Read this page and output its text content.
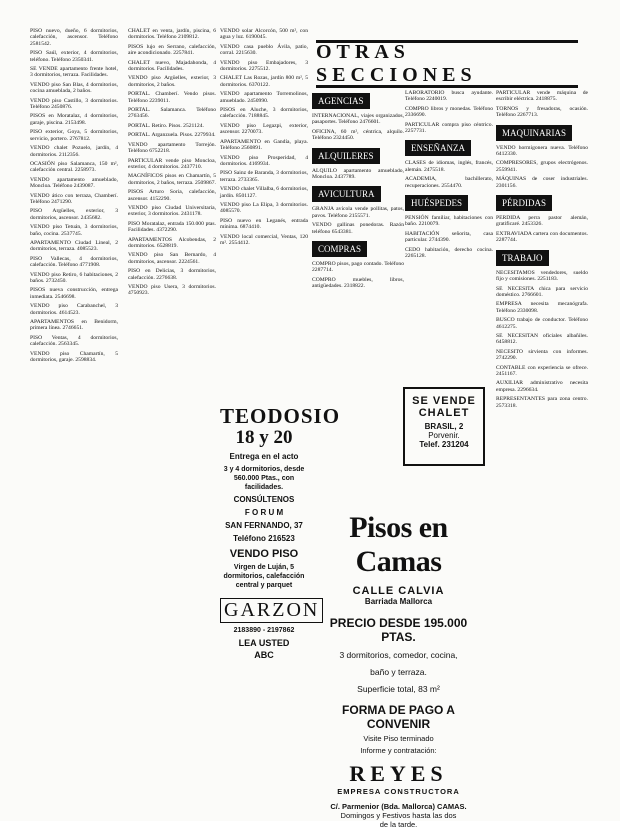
PISO nuevo, dueño, 6 dormitorios, calefacción, ascensor. Teléfono 2581542.
PISO Saúl, exterior, 4 dormitorios, teléfono. Teléfono 2350341.
SE VENDE apartamento frente hotel, 3 dormitorios, terraza. Facilidades.
VENDO piso San Blas, 4 dormitorios, cocina amueblada, 2 baños.
VENDO piso Castillo, 3 dormitorios. Teléfono 2450876.
PISOS en Moratalaz, 4 dormitorios, garaje, piscina. 2153498.
PISO exterior, Goya, 5 dormitorios, servicio, portero. 2767812.
VENDO chalet Pozuelo, jardín, 4 dormitorios. 2112356.
OCASIÓN piso Salamanca, 150 m², calefacción central. 2258973.
VENDO apartamento amueblado, Moncloa. Teléfono 2439087.
VENDO ático con terraza, Chamberí. Teléfono 2471290.
PISO Argüelles, exterior, 3 dormitorios, ascensor. 2435682.
VENDO piso Tetuán, 3 dormitorios, baño, cocina. 2537745.
APARTAMENTO Ciudad Lineal, 2 dormitorios, terraza. 4085523.
PISO Vallecas, 4 dormitorios, calefacción. Teléfono 4771908.
VENDO piso Retiro, 6 habitaciones, 2 baños. 2732450.
PISOS nueva construcción, entrega inmediata. 2546698.
VENDO piso Carabanchel, 3 dormitorios. 4614523.
APARTAMENTOS en Benidorm, primera línea. 2746651.
PISO Ventas, 4 dormitorios, calefacción. 2563345.
VENDO piso Chamartín, 5 dormitorios, garaje. 2598834.
CHALET en venta, jardín, piscina, 6 dormitorios. Teléfono 2109812.
PISOS lujo en Serrano, calefacción, aire acondicionado. 2257841.
CHALET nuevo, Majadahonda, 4 dormitorios. Facilidades.
VENDO piso Argüelles, exterior, 3 dormitorios, 2 baños.
PORTAL. Chamberí. Vendo pisos. Teléfono 2239011.
PORTAL. Salamanca. Teléfono 2763456.
PORTAL. Retiro. Pisos. 2521124.
PORTAL. Arganzuela. Pisos. 2279934.
VENDO apartamento Torrejón. Teléfono 6752218.
PARTICULAR vende piso Moncloa, exterior, 4 dormitorios. 2437710.
MAGNÍFICOS pisos en Chamartín, 5 dormitorios, 2 baños, terraza. 2509867.
PISOS Arturo Soria, calefacción, ascensor. 4152290.
VENDO piso Ciudad Universitaria, exterior, 3 dormitorios. 2431178.
PISO Moratalaz, entrada 150.000 ptas. Facilidades. 4372290.
APARTAMENTOS Alcobendas, 2 dormitorios. 6528819.
VENDO piso San Bernardo, 4 dormitorios, ascensor. 2224561.
PISO en Delicias, 3 dormitorios, calefacción. 2276638.
VENDO piso Usera, 3 dormitorios. 4750923.
VENDO solar Alcorcón, 500 m², con agua y luz. 6190045.
VENDO casa pueblo Ávila, patio, corral. 2215630.
VENDO piso Embajadores, 3 dormitorios. 2275512.
CHALET Las Rozas, jardín 800 m², 5 dormitorios. 6370122.
VENDO apartamento Torremolinos, amueblado. 2450990.
PISOS en Aluche, 3 dormitorios, calefacción. 7188845.
VENDO piso Legazpi, exterior, ascensor. 2270073.
APARTAMENTO en Gandía, playa. Teléfono 2560891.
VENDO piso Prosperidad, 4 dormitorios. 4169934.
PISO Sainz de Baranda, 3 dormitorios, terraza. 2733365.
VENDO chalet Villalba, 6 dormitorios, jardín. 8501127.
VENDO piso La Elipa, 3 dormitorios. 4085570.
PISO nuevo en Leganés, entrada mínima. 6874410.
VENDO local comercial, Ventas, 120 m². 2554412.
OTRAS SECCIONES
AGENCIAS
INTERNACIONAL, viajes organizados, pasaportes. Teléfono 2476601.
OFICINA, 60 m², céntrica, alquilo. Teléfono 2324450.
ALQUILERES
ALQUILO apartamento amueblado, Moncloa. 2437789.
AVICULTURA
GRANJA avícola vende pollitas, patos, pavos. Teléfono 2155571.
VENDO gallinas ponedoras. Razón teléfono 6543381.
COMPRAS
COMPRO pisos, pago contado. Teléfono 2287714.
COMPRO muebles, libros, antigüedades. 2318822.
LABORATORIO busca ayudante. Teléfono 2240019.
COMPRO libros y monedas. Teléfono 2336690.
PARTICULAR compra piso céntrico. 2257731.
ENSEÑANZA
CLASES de idiomas, inglés, francés, alemán. 2475518.
ACADEMIA, bachillerato, recuperaciones. 2554470.
HUÉSPEDES
PENSIÓN familiar, habitaciones con baño. 2210079.
HABITACIÓN señorita, casa particular. 2744390.
CEDO habitación, derecho cocina. 2265128.
PARTICULAR vende máquina de escribir eléctrica. 2418875.
TORNOS y fresadoras, ocasión. Teléfono 2267713.
MAQUINARIAS
VENDO hormigonera nueva. Teléfono 6412330.
COMPRESORES, grupos electrógenos. 2559941.
MÁQUINAS de coser industriales. 2301156.
PÉRDIDAS
PERDIDA perra pastor alemán, gratificaré. 2453326.
EXTRAVIADA cartera con documentos. 2287744.
TRABAJO
NECESITAMOS vendedores, sueldo fijo y comisiones. 2251183.
SE NECESITA chica para servicio doméstico. 2766601.
EMPRESA necesita mecanógrafa. Teléfono 2330098.
BUSCO trabajo de conductor. Teléfono 4612275.
SE NECESITAN oficiales albañiles. 6458812.
NECESITO sirvienta con informes. 2742290.
CONTABLE con experiencia se ofrece. 2451167.
AUXILIAR administrativo necesita empresa. 2296634.
REPRESENTANTES para zona centro. 2573318.
SE VENDE
CHALET
BRASIL, 2
Porvenir.
Telef. 231204
TEODOSIO
18 y 20
Entrega en el acto
3 y 4 dormitorios, desde 560.000 Ptas., con facilidades.
CONSÚLTENOS
F O R U M
SAN FERNANDO, 37
Teléfono 216523
VENDO PISO
Virgen de Luján, 5 dormitorios, calefacción central y parquet
GARZON
2183890 - 2197862
LEA USTED
ABC
Pisos en Camas
CALLE CALVIA
Barriada Mallorca
PRECIO DESDE 195.000 PTAS.
3 dormitorios, comedor, cocina,
baño y terraza.
Superficie total, 83 m²
FORMA DE PAGO A CONVENIR
Visite Piso terminado
Informe y contratación:
REYES
EMPRESA CONSTRUCTORA
C/. Parmenior (Bda. Mallorca) CAMAS.
Domingos y Festivos hasta las dos
de la tarde.
